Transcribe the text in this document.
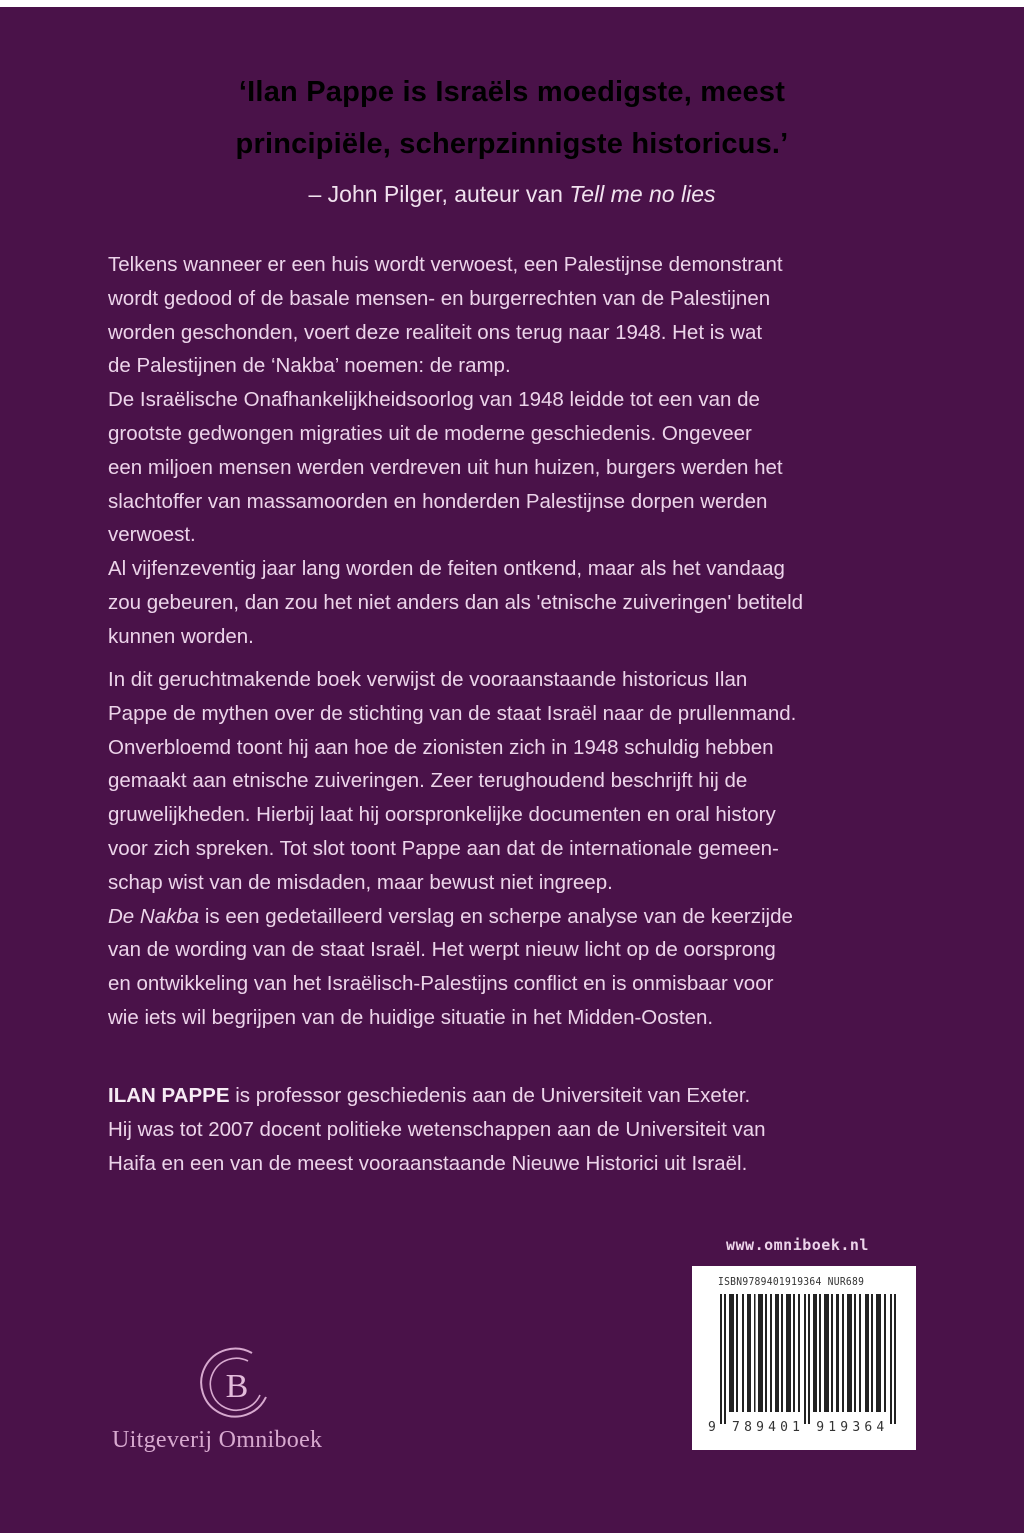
‘Ilan Pappe is Israëls moedigste, meest
principiële, scherpzinnigste historicus.’
– John Pilger, auteur van Tell me no lies
Telkens wanneer er een huis wordt verwoest, een Palestijnse demonstrant
wordt gedood of de basale mensen- en burgerrechten van de Palestijnen
worden geschonden, voert deze realiteit ons terug naar 1948. Het is wat
de Palestijnen de ‘Nakba’ noemen: de ramp.
De Israëlische Onafhankelijkheidsoorlog van 1948 leidde tot een van de
grootste gedwongen migraties uit de moderne geschiedenis. Ongeveer
een miljoen mensen werden verdreven uit hun huizen, burgers werden het
slachtoffer van massamoorden en honderden Palestijnse dorpen werden
verwoest.
Al vijfenzeventig jaar lang worden de feiten ontkend, maar als het vandaag
zou gebeuren, dan zou het niet anders dan als 'etnische zuiveringen' betiteld
kunnen worden.
In dit geruchtmakende boek verwijst de vooraanstaande historicus Ilan
Pappe de mythen over de stichting van de staat Israël naar de prullenmand.
Onverbloemd toont hij aan hoe de zionisten zich in 1948 schuldig hebben
gemaakt aan etnische zuiveringen. Zeer terughoudend beschrijft hij de
gruwelijkheden. Hierbij laat hij oorspronkelijke documenten en oral history
voor zich spreken. Tot slot toont Pappe aan dat de internationale gemeen-
schap wist van de misdaden, maar bewust niet ingreep.
De Nakba is een gedetailleerd verslag en scherpe analyse van de keerzijde
van de wording van de staat Israël. Het werpt nieuw licht op de oorsprong
en ontwikkeling van het Israëlisch-Palestijns conflict en is onmisbaar voor
wie iets wil begrijpen van de huidige situatie in het Midden-Oosten.
ILAN PAPPE is professor geschiedenis aan de Universiteit van Exeter.
Hij was tot 2007 docent politieke wetenschappen aan de Universiteit van
Haifa en een van de meest vooraanstaande Nieuwe Historici uit Israël.
www.omniboek.nl
ISBN9789401919364 NUR689
9 789401 919364
B
Uitgeverij Omniboek
